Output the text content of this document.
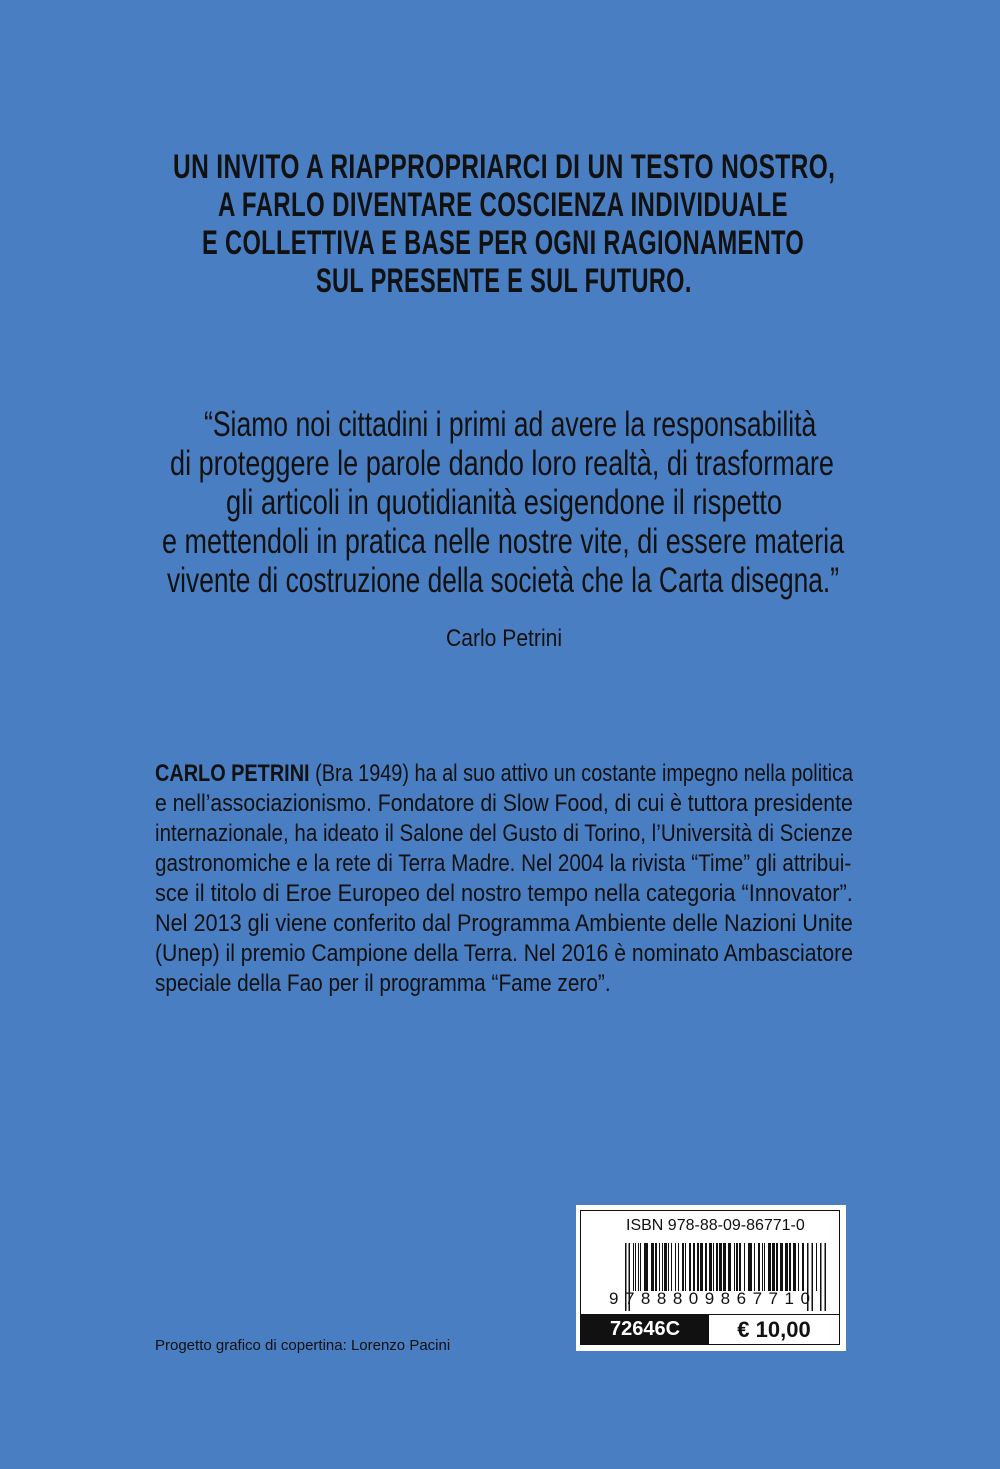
UN INVITO A RIAPPROPRIARCI DI UN TESTO NOSTRO,
A FARLO DIVENTARE COSCIENZA INDIVIDUALE
E COLLETTIVA E BASE PER OGNI RAGIONAMENTO
SUL PRESENTE E SUL FUTURO.
“Siamo noi cittadini i primi ad avere la responsabilità
di proteggere le parole dando loro realtà, di trasformare
gli articoli in quotidianità esigendone il rispetto
e mettendoli in pratica nelle nostre vite, di essere materia
vivente di costruzione della società che la Carta disegna.”
Carlo Petrini
CARLO PETRINI (Bra 1949) ha al suo attivo un costante impegno nella politica
e nell’associazionismo. Fondatore di Slow Food, di cui è tuttora presidente
internazionale, ha ideato il Salone del Gusto di Torino, l’Università di Scienze
gastronomiche e la rete di Terra Madre. Nel 2004 la rivista “Time” gli attribui-
sce il titolo di Eroe Europeo del nostro tempo nella categoria “Innovator”.
Nel 2013 gli viene conferito dal Programma Ambiente delle Nazioni Unite
(Unep) il premio Campione della Terra. Nel 2016 è nominato Ambasciatore
speciale della Fao per il programma “Fame zero”.
ISBN 978-88-09-86771-0
9788809867710
72646C	€ 10,00
Progetto grafico di copertina: Lorenzo Pacini
